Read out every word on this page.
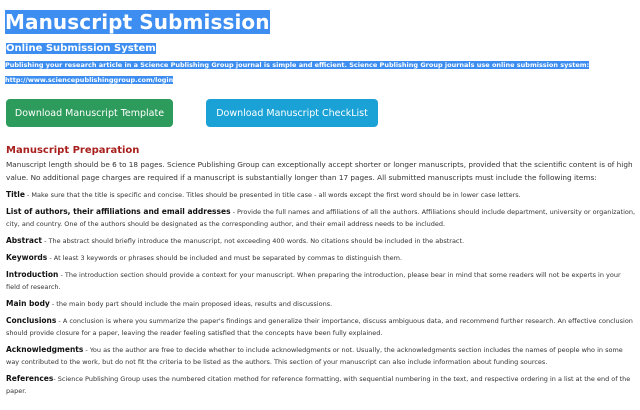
Manuscript Submission
Online Submission System

Publishing your research article in a Science Publishing Group journal is simple and efficient. Science Publishing Group journals use online submission system:
http://www.sciencepublishinggroup.com/login

Download Manuscript Template	Download Manuscript CheckList
Manuscript Preparation

Manuscript length should be 6 to 18 pages. Science Publishing Group can exceptionally accept shorter or longer manuscripts, provided that the scientific content is of high value. No additional page charges are required if a manuscript is substantially longer than 17 pages. All submitted manuscripts must include the following items:

Title - Make sure that the title is specific and concise. Titles should be presented in title case - all words except the first word should be in lower case letters.

List of authors, their affiliations and email addresses - Provide the full names and affiliations of all the authors. Affiliations should include department, university or organization, city, and country. One of the authors should be designated as the corresponding author, and their email address needs to be included.

Abstract - The abstract should briefly introduce the manuscript, not exceeding 400 words. No citations should be included in the abstract.

Keywords - At least 3 keywords or phrases should be included and must be separated by commas to distinguish them.

Introduction - The introduction section should provide a context for your manuscript. When preparing the introduction, please bear in mind that some readers will not be experts in your field of research.

Main body - the main body part should include the main proposed ideas, results and discussions.

Conclusions - A conclusion is where you summarize the paper's findings and generalize their importance, discuss ambiguous data, and recommend further research. An effective conclusion should provide closure for a paper, leaving the reader feeling satisfied that the concepts have been fully explained.

Acknowledgments - You as the author are free to decide whether to include acknowledgments or not. Usually, the acknowledgments section includes the names of people who in some way contributed to the work, but do not fit the criteria to be listed as the authors. This section of your manuscript can also include information about funding sources.

References- Science Publishing Group uses the numbered citation method for reference formatting, with sequential numbering in the text, and respective ordering in a list at the end of the paper.
